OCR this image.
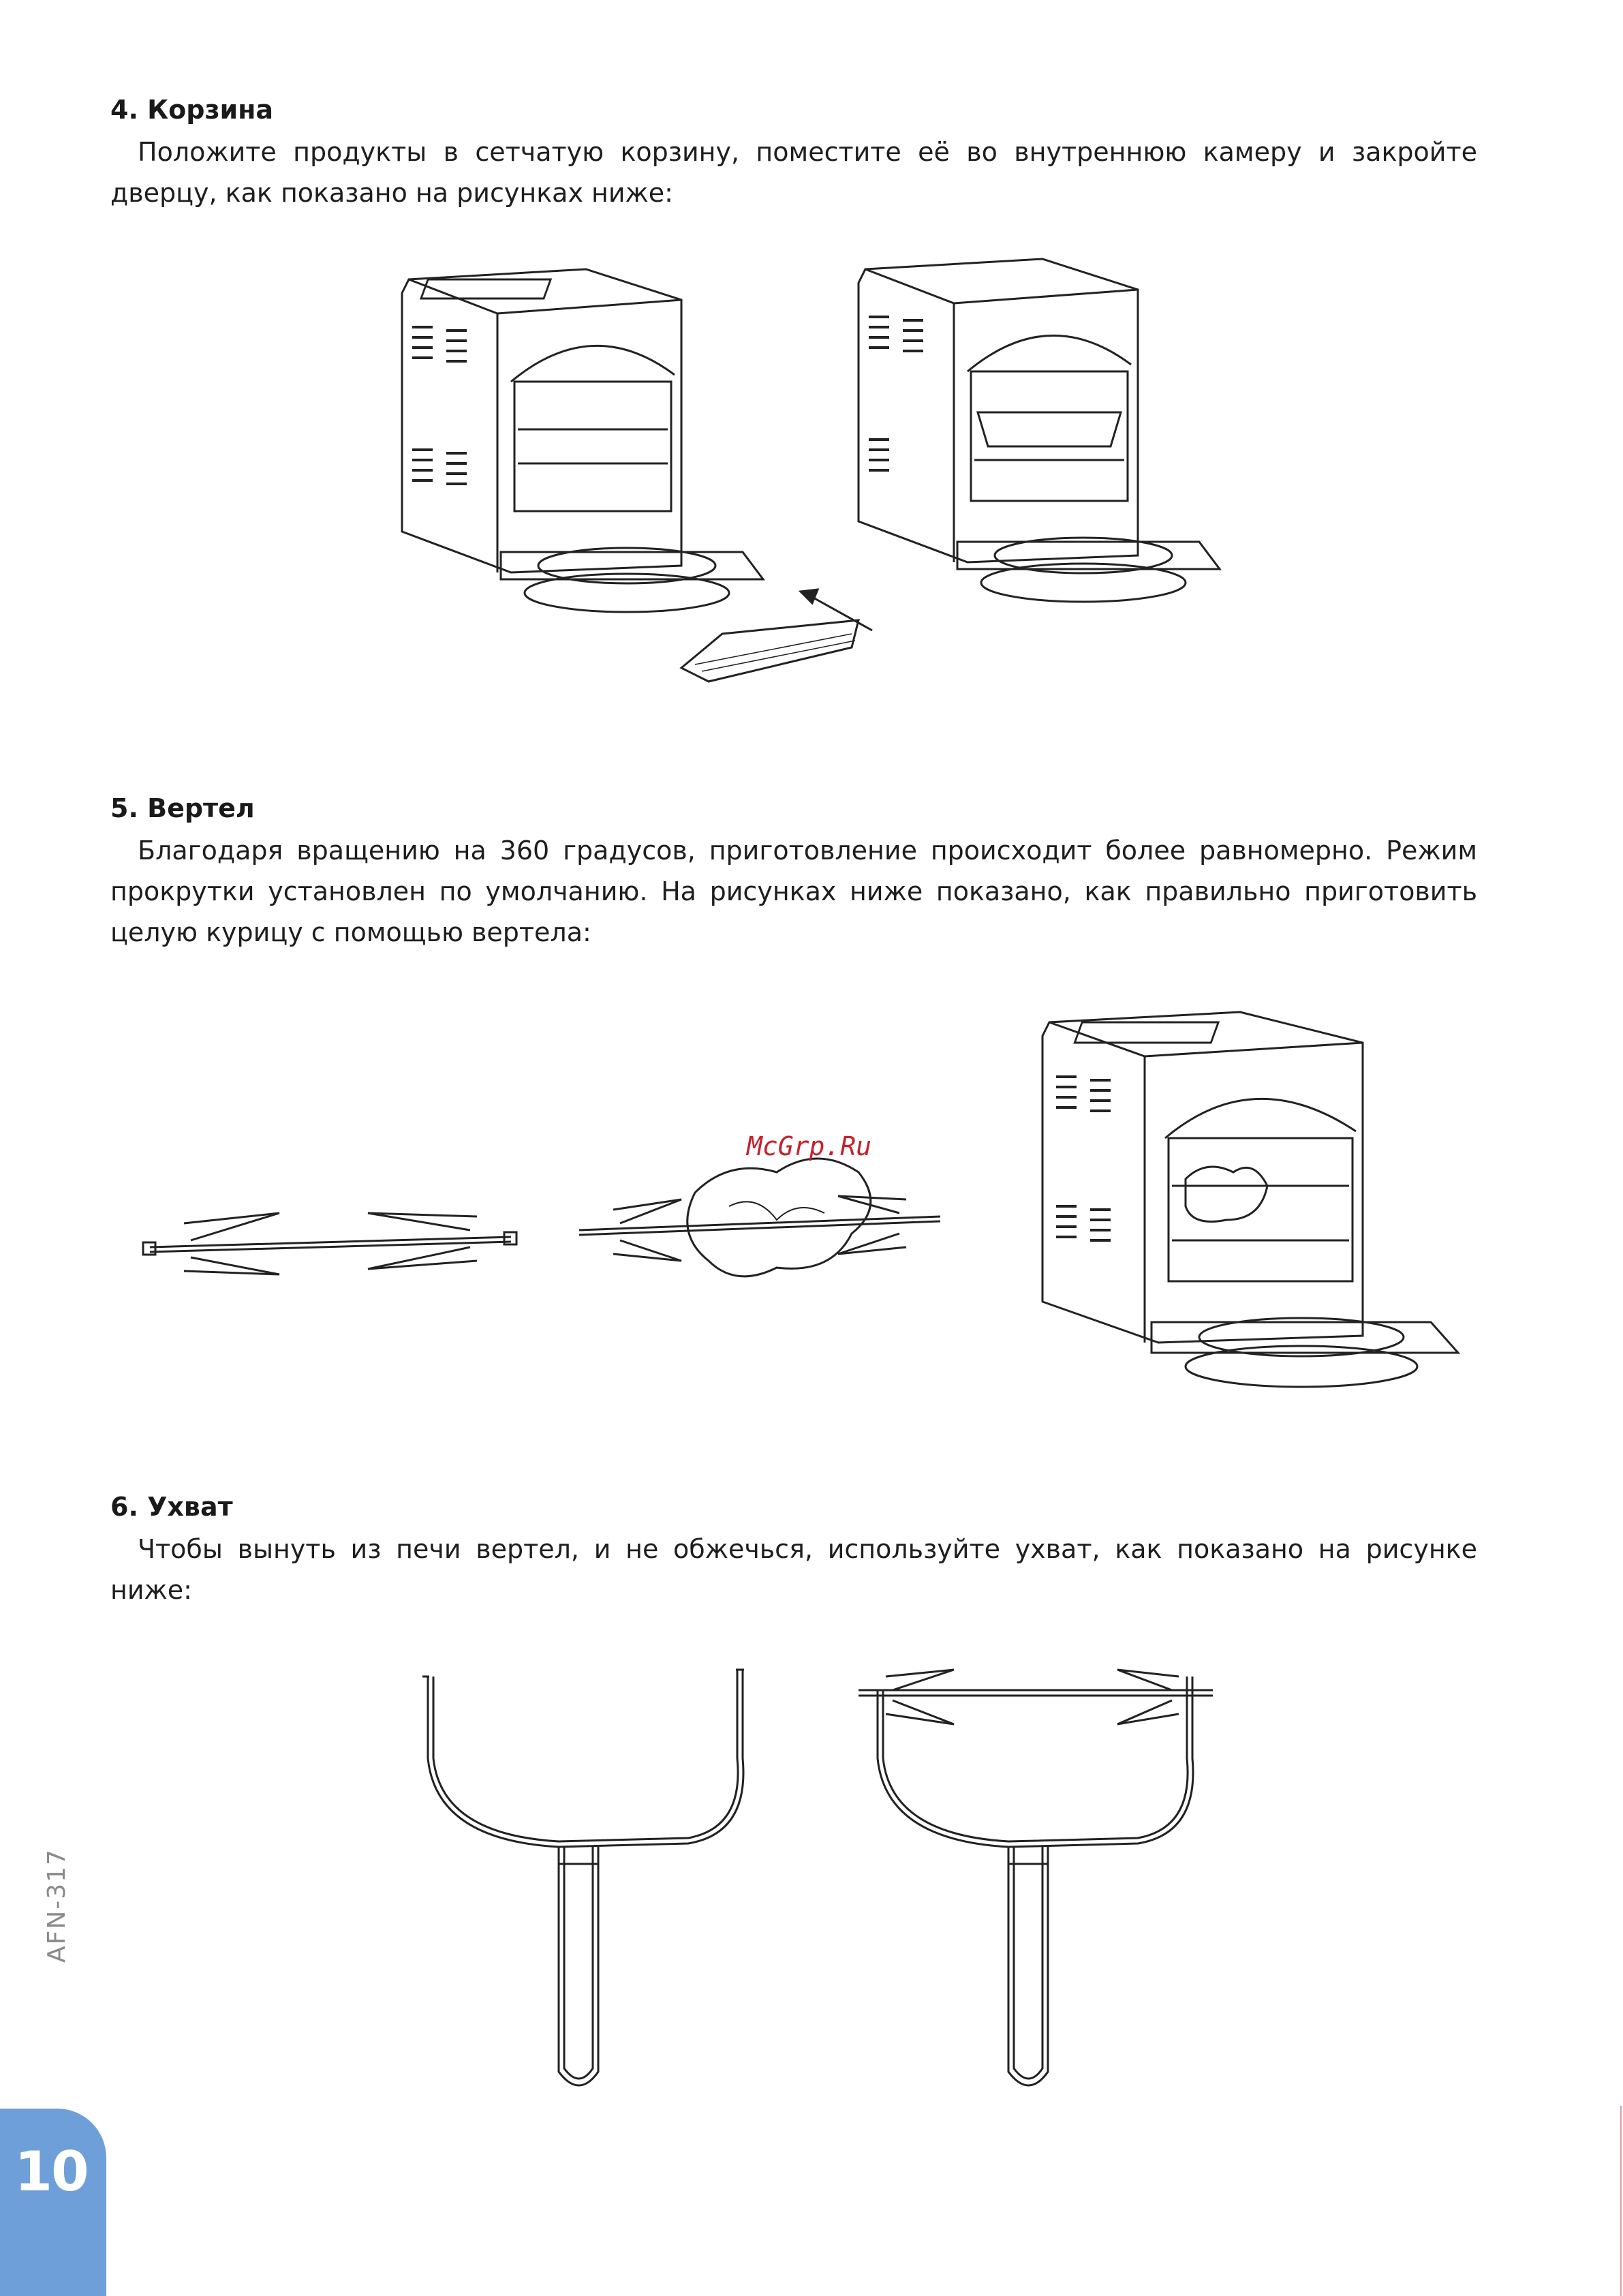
4. Корзина

Положите продукты в сетчатую корзину, поместите её во внутреннюю камеру и закройте дверцу, как показано на рисунках ниже:

5. Вертел

Благодаря вращению на 360 градусов, приготовление происходит более равномерно. Режим прокрутки установлен по умолчанию. На рисунках ниже показано, как правильно приготовить целую курицу с помощью вертела:

McGrp.Ru
6. Ухват

Чтобы вынуть из печи вертел, и не обжечься, используйте ухват, как показано на рисунке ниже:

AFN-317
10
